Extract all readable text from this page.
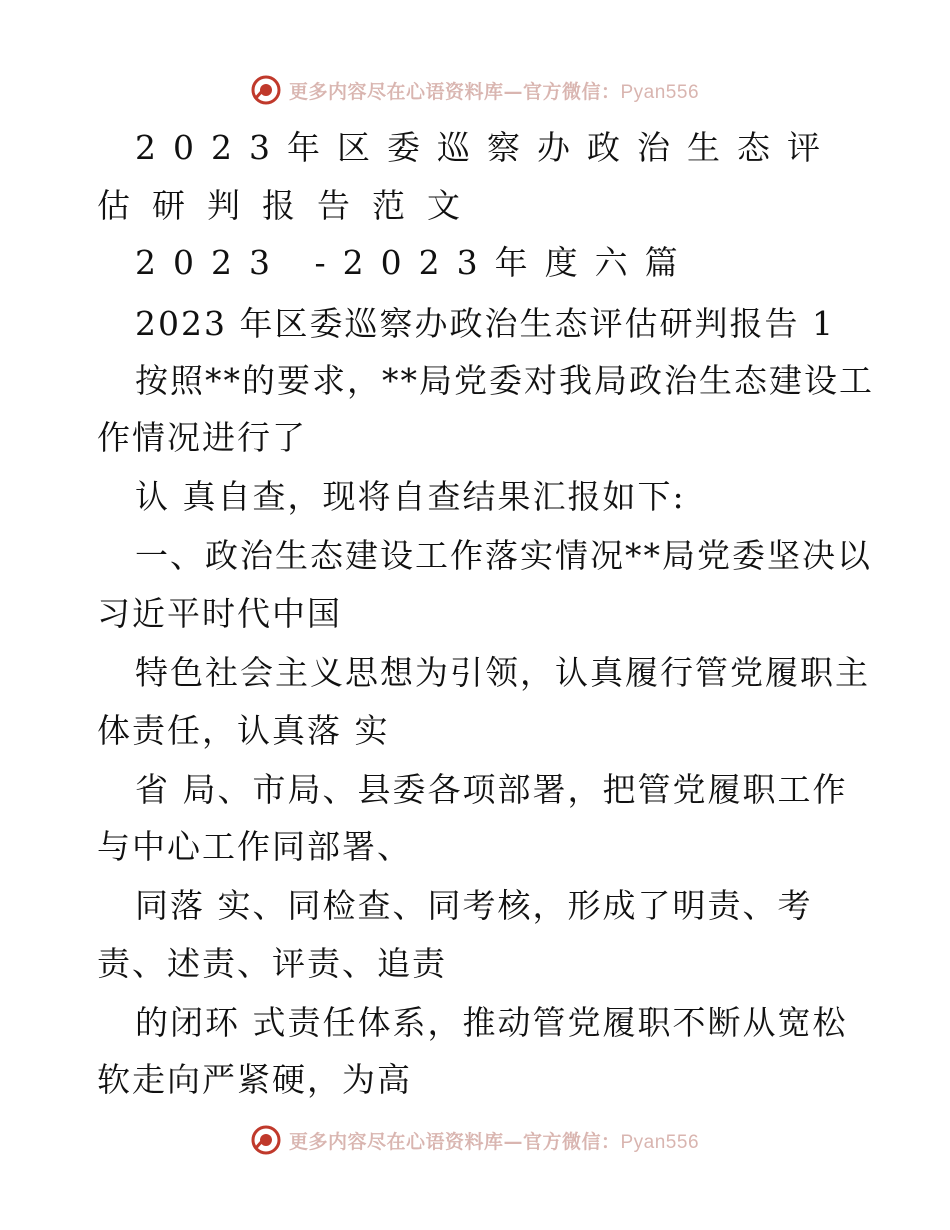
更多内容尽在心语资料库—官方微信：Pyan556
2023年区委巡察办政治生态评
估研判报告范文
2023 -2023年度六篇
2023 年区委巡察办政治生态评估研判报告 1
按照**的要求，**局党委对我局政治生态建设工
作情况进行了
认 真自查，现将自查结果汇报如下:
一、政治生态建设工作落实情况**局党委坚决以
习近平时代中国
特色社会主义思想为引领，认真履行管党履职主
体责任，认真落 实
省 局、市局、县委各项部署，把管党履职工作
与中心工作同部署、
同落 实、同检查、同考核，形成了明责、考
责、述责、评责、追责
的闭环 式责任体系，推动管党履职不断从宽松
软走向严紧硬，为高
更多内容尽在心语资料库—官方微信：Pyan556
